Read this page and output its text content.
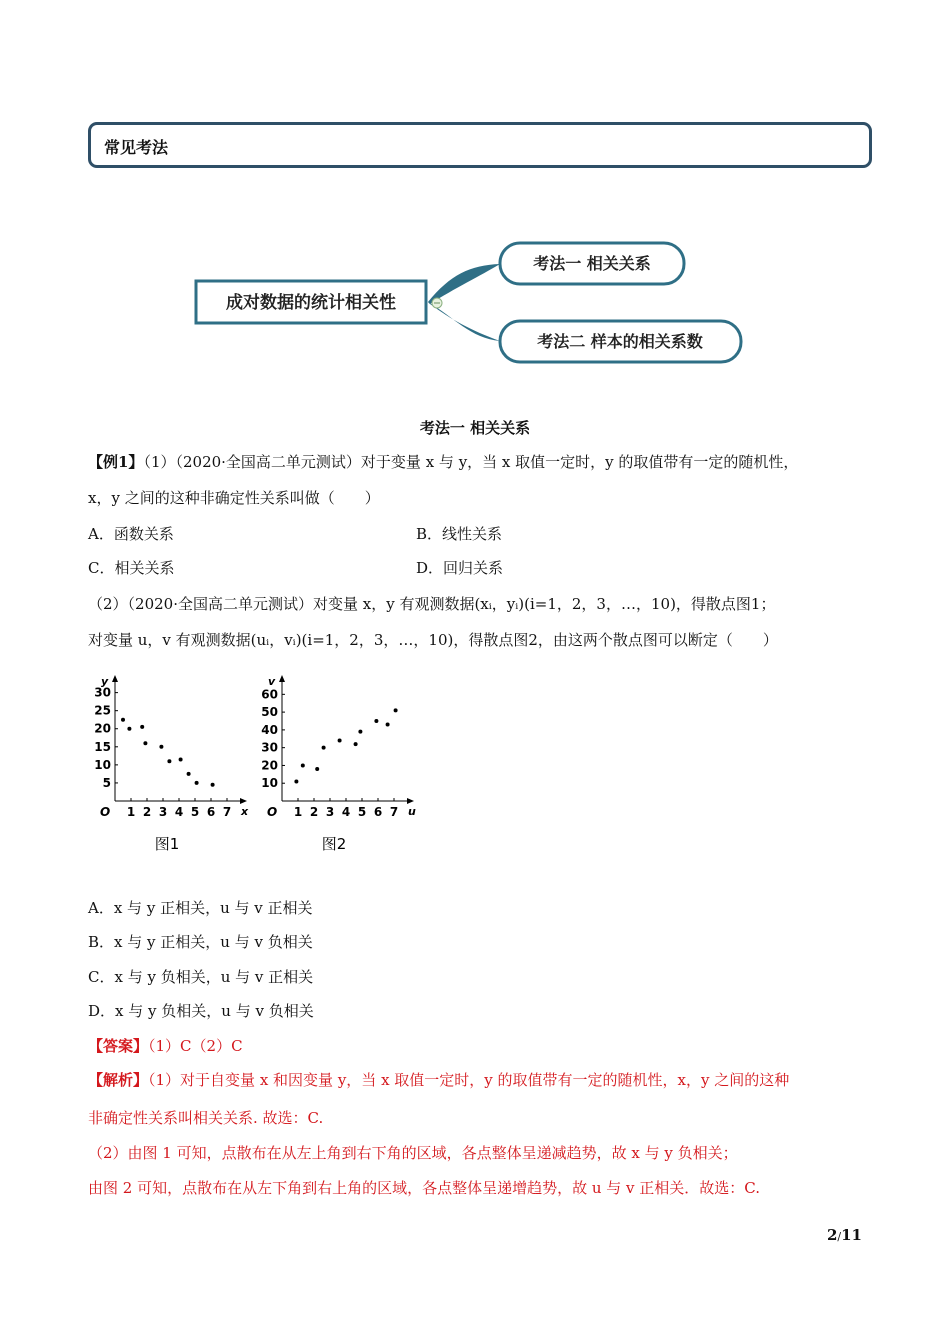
常见考法
成对数据的统计相关性
考法一 相关关系
考法二 样本的相关系数
考法一 相关关系
【例1】（1）（2020·全国高二单元测试）对于变量 x 与 y，当 x 取值一定时，y 的取值带有一定的随机性，
x，y 之间的这种非确定性关系叫做（　　）
A．函数关系	B．线性关系
C．相关关系	D．回归关系
（2）（2020·全国高二单元测试）对变量 x，y 有观测数据(xᵢ，yᵢ)(i=1，2，3，…，10)，得散点图1；
对变量 u，v 有观测数据(uᵢ，vᵢ)(i=1，2，3，…，10)，得散点图2，由这两个散点图可以断定（　　）
y
x
O 1 2 3 4 5 6 7
5
10
15
20
25
30
图1
v
u
O 1 2 3 4 5 6 7
10
20
30
40
50
60
图2
A．x 与 y 正相关，u 与 v 正相关
B．x 与 y 正相关，u 与 v 负相关
C．x 与 y 负相关，u 与 v 正相关
D．x 与 y 负相关，u 与 v 负相关
【答案】（1）C（2）C
【解析】（1）对于自变量 x 和因变量 y，当 x 取值一定时，y 的取值带有一定的随机性，x，y 之间的这种
非确定性关系叫相关关系. 故选：C.
（2）由图 1 可知，点散布在从左上角到右下角的区域，各点整体呈递减趋势，故 x 与 y 负相关；
由图 2 可知，点散布在从左下角到右上角的区域，各点整体呈递增趋势，故 u 与 v 正相关．故选：C.
2/11
